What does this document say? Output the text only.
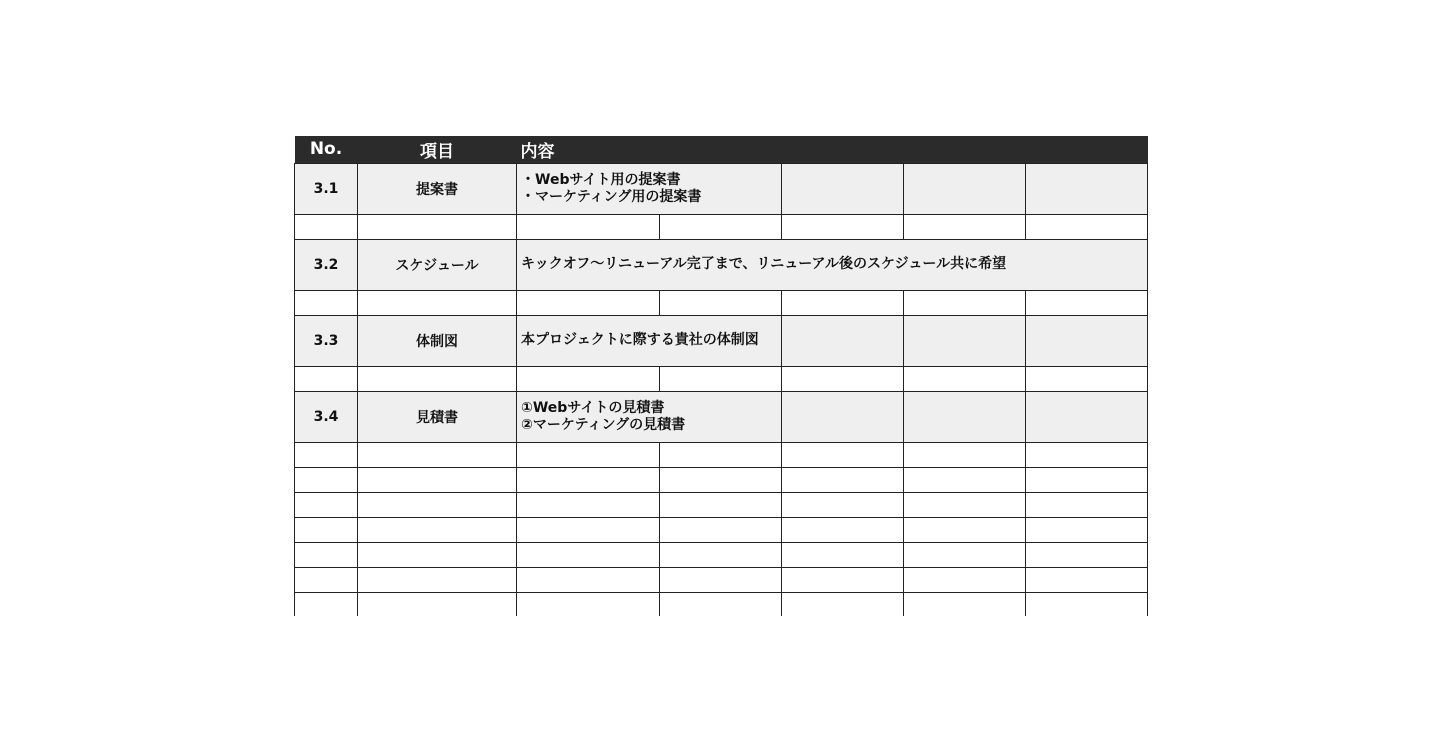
No.	項目	内容				
3.1	提案書	・Webサイト用の提案書
・マーケティング用の提案書				

3.2	スケジュール	キックオフ〜リニューアル完了まで、リニューアル後のスケジュール共に希望				

3.3	体制図	本プロジェクトに際する貴社の体制図				

3.4	見積書	①Webサイトの見積書
②マーケティングの見積書				
